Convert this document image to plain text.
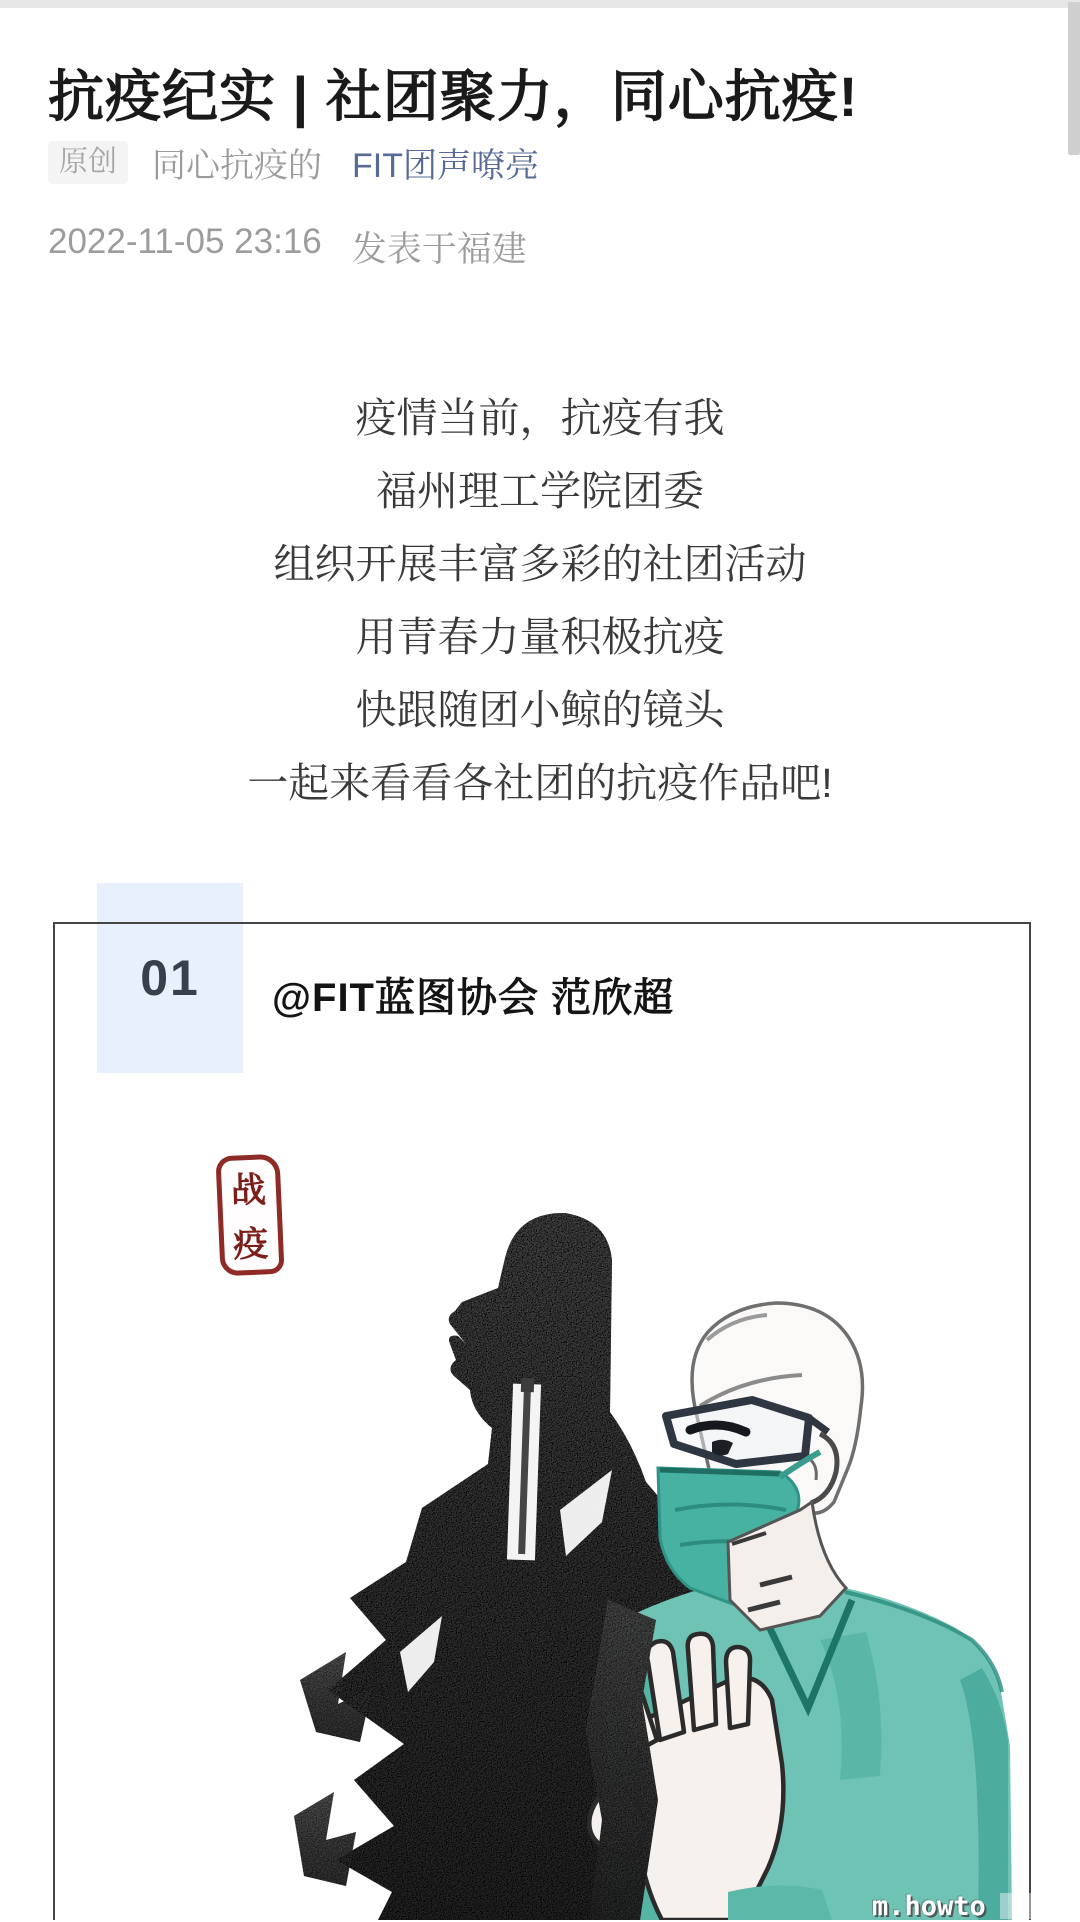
抗疫纪实 | 社团聚力，同心抗疫!
原创	同心抗疫的 FIT团声嘹亮
2022-11-05 23:16 发表于福建
疫情当前，抗疫有我
福州理工学院团委
组织开展丰富多彩的社团活动
用青春力量积极抗疫
快跟随团小鲸的镜头
一起来看看各社团的抗疫作品吧!
01	@FIT蓝图协会 范欣超
战
疫
m.howto
